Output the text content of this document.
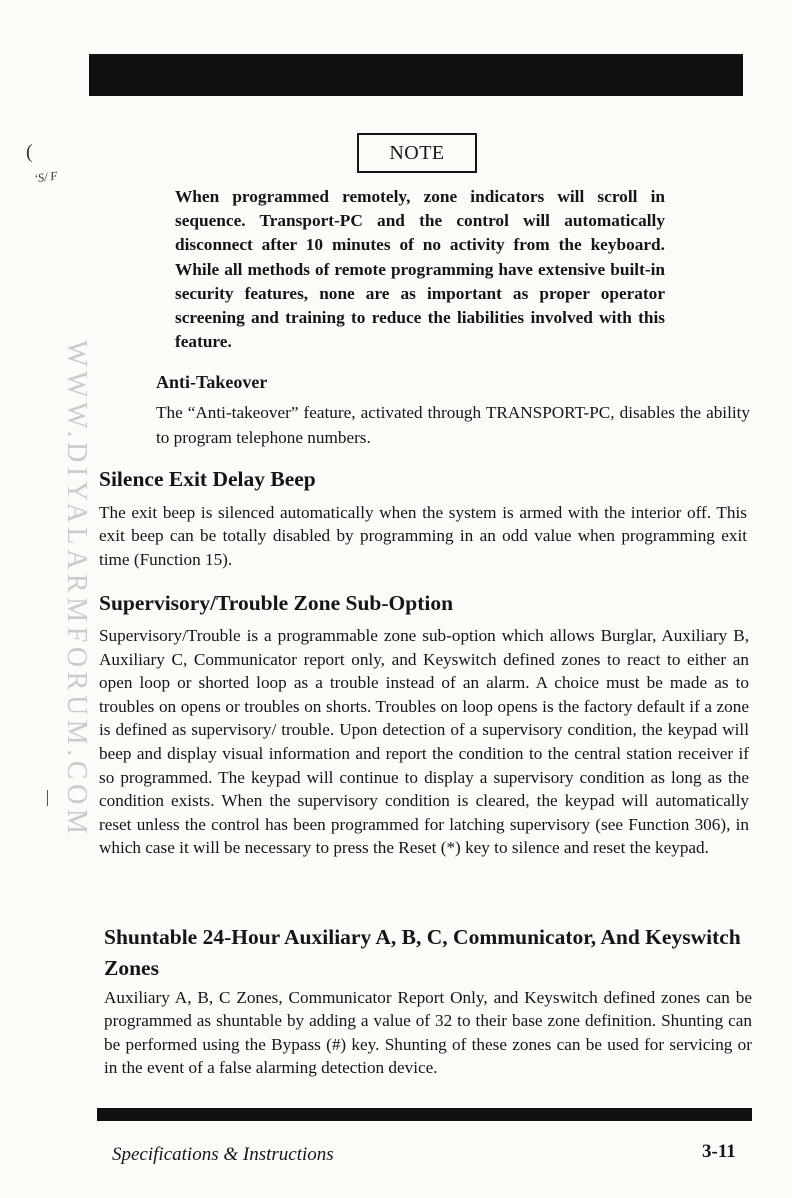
(
‘S/ F
NOTE
When programmed remotely, zone indicators will scroll in sequence. Transport-PC and the control will automatically disconnect after 10 minutes of no activity from the keyboard. While all methods of remote programming have extensive built-in security features, none are as important as proper operator screening and training to reduce the liabilities involved with this feature.
WWW.DIYALARMFORUM.COM	Anti-Takeover
The “Anti-takeover” feature, activated through TRANSPORT-PC, disables the ability to program telephone numbers.
Silence Exit Delay Beep
The exit beep is silenced automatically when the system is armed with the interior off. This exit beep can be totally disabled by programming in an odd value when programming exit time (Function 15).
Supervisory/Trouble Zone Sub-Option
Supervisory/Trouble is a programmable zone sub-option which allows Burglar, Auxiliary B, Auxiliary C, Communicator report only, and Keyswitch defined zones to react to either an open loop or shorted loop as a trouble instead of an alarm. A choice must be made as to troubles on opens or troubles on shorts. Troubles on loop opens is the factory default if a zone is defined as supervisory/ trouble. Upon detection of a supervisory condition, the keypad will beep and display visual information and report the condition to the central station receiver if so programmed. The keypad will continue to display a supervisory condition as long as the condition exists. When the supervisory condition is cleared, the keypad will automatically reset unless the control has been programmed for latching supervisory (see Function 306), in which case it will be necessary to press the Reset (*) key to silence and reset the keypad.
Shuntable 24-Hour Auxiliary A, B, C, Communicator, And Keyswitch Zones
Auxiliary A, B, C Zones, Communicator Report Only, and Keyswitch defined zones can be programmed as shuntable by adding a value of 32 to their base zone definition. Shunting can be performed using the Bypass (#) key. Shunting of these zones can be used for servicing or in the event of a false alarming detection device.
Specifications & Instructions	3-11
